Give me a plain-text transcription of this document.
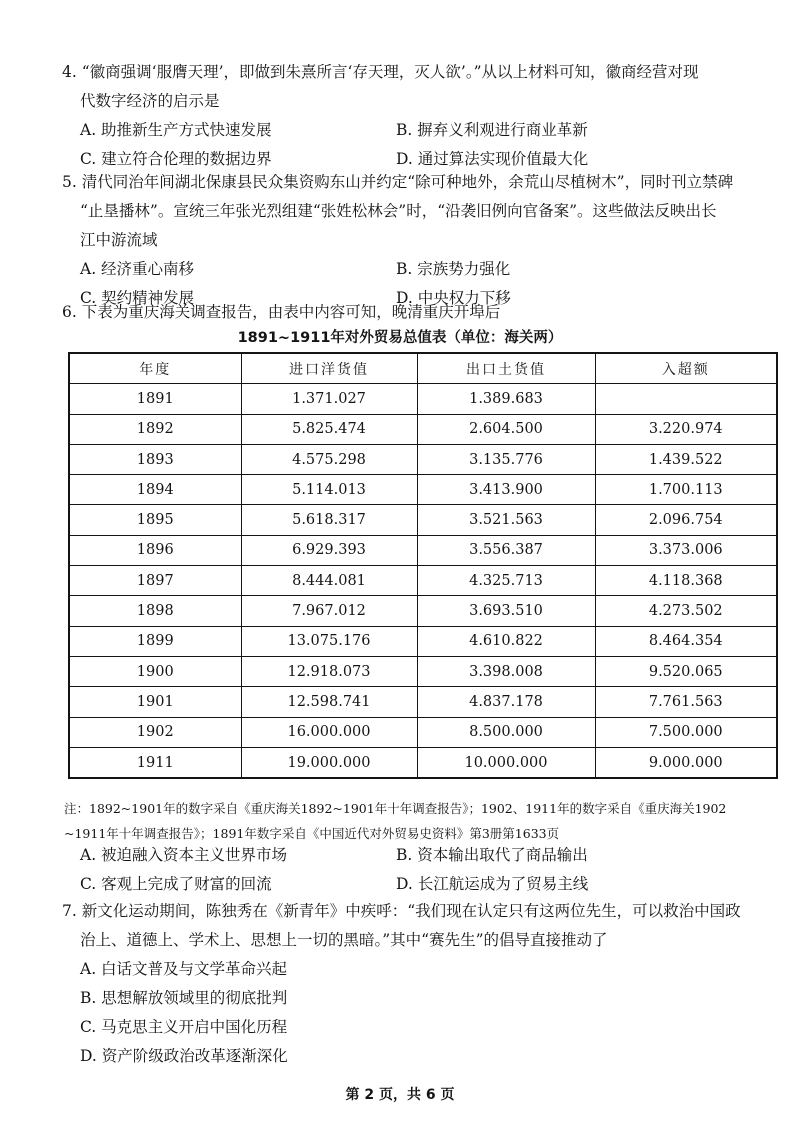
4. “徽商强调‘服膺天理’，即做到朱熹所言‘存天理，灭人欲’。”从以上材料可知，徽商经营对现

代数字经济的启示是

A. 助推新生产方式快速发展	B. 摒弃义利观进行商业革新
C. 建立符合伦理的数据边界	D. 通过算法实现价值最大化

5. 清代同治年间湖北保康县民众集资购东山并约定“除可种地外，余荒山尽植树木”，同时刊立禁碑

“止垦播林”。宣统三年张光烈组建“张姓松林会”时，“沿袭旧例向官备案”。这些做法反映出长

江中游流域

A. 经济重心南移	B. 宗族势力强化
C. 契约精神发展	D. 中央权力下移

6. 下表为重庆海关调查报告，由表中内容可知，晚清重庆开埠后

1891~1911年对外贸易总值表（单位：海关两）
年度	进口洋货值	出口土货值	入超额
1891	1.371.027	1.389.683	
1892	5.825.474	2.604.500	3.220.974
1893	4.575.298	3.135.776	1.439.522
1894	5.114.013	3.413.900	1.700.113
1895	5.618.317	3.521.563	2.096.754
1896	6.929.393	3.556.387	3.373.006
1897	8.444.081	4.325.713	4.118.368
1898	7.967.012	3.693.510	4.273.502
1899	13.075.176	4.610.822	8.464.354
1900	12.918.073	3.398.008	9.520.065
1901	12.598.741	4.837.178	7.761.563
1902	16.000.000	8.500.000	7.500.000
1911	19.000.000	10.000.000	9.000.000
注：1892~1901年的数字采自《重庆海关1892~1901年十年调查报告》；1902、1911年的数字采自《重庆海关1902
~1911年十年调查报告》；1891年数字采自《中国近代对外贸易史资料》第3册第1633页
A. 被迫融入资本主义世界市场	B. 资本输出取代了商品输出
C. 客观上完成了财富的回流	D. 长江航运成为了贸易主线

7. 新文化运动期间，陈独秀在《新青年》中疾呼：“我们现在认定只有这两位先生，可以救治中国政

治上、道德上、学术上、思想上一切的黑暗。”其中“赛先生”的倡导直接推动了

A. 白话文普及与文学革命兴起
B. 思想解放领域里的彻底批判
C. 马克思主义开启中国化历程
D. 资产阶级政治改革逐渐深化
第 2 页，共 6 页
